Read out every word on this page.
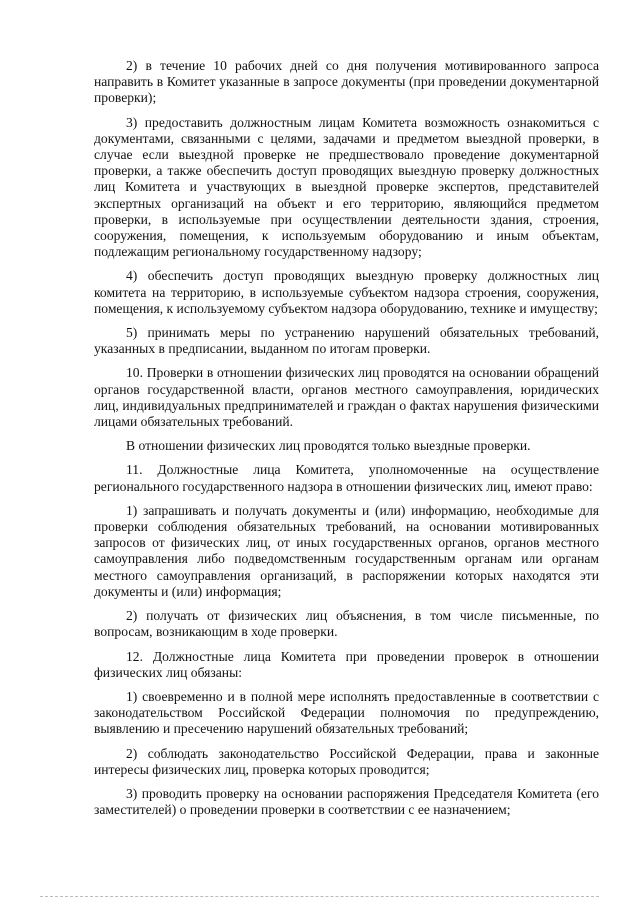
2) в течение 10 рабочих дней со дня получения мотивированного запроса направить в Комитет указанные в запросе документы (при проведении документарной проверки);

3) предоставить должностным лицам Комитета возможность ознакомиться с документами, связанными с целями, задачами и предметом выездной проверки, в случае если выездной проверке не предшествовало проведение документарной проверки, а также обеспечить доступ проводящих выездную проверку должностных лиц Комитета и участвующих в выездной проверке экспертов, представителей экспертных организаций на объект и его территорию, являющийся предметом проверки, в используемые при осуществлении деятельности здания, строения, сооружения, помещения, к используемым оборудованию и иным объектам, подлежащим региональному государственному надзору;

4) обеспечить доступ проводящих выездную проверку должностных лиц комитета на территорию, в используемые субъектом надзора строения, сооружения, помещения, к используемому субъектом надзора оборудованию, технике и имуществу;

5) принимать меры по устранению нарушений обязательных требований, указанных в предписании, выданном по итогам проверки.

10. Проверки в отношении физических лиц проводятся на основании обращений органов государственной власти, органов местного самоуправления, юридических лиц, индивидуальных предпринимателей и граждан о фактах нарушения физическими лицами обязательных требований.

В отношении физических лиц проводятся только выездные проверки.

11. Должностные лица Комитета, уполномоченные на осуществление регионального государственного надзора в отношении физических лиц, имеют право:

1) запрашивать и получать документы и (или) информацию, необходимые для проверки соблюдения обязательных требований, на основании мотивированных запросов от физических лиц, от иных государственных органов, органов местного самоуправления либо подведомственным государственным органам или органам местного самоуправления организаций, в распоряжении которых находятся эти документы и (или) информация;

2) получать от физических лиц объяснения, в том числе письменные, по вопросам, возникающим в ходе проверки.

12. Должностные лица Комитета при проведении проверок в отношении физических лиц обязаны:

1) своевременно и в полной мере исполнять предоставленные в соответствии с законодательством Российской Федерации полномочия по предупреждению, выявлению и пресечению нарушений обязательных требований;

2) соблюдать законодательство Российской Федерации, права и законные интересы физических лиц, проверка которых проводится;

3) проводить проверку на основании распоряжения Председателя Комитета (его заместителей) о проведении проверки в соответствии с ее назначением;
